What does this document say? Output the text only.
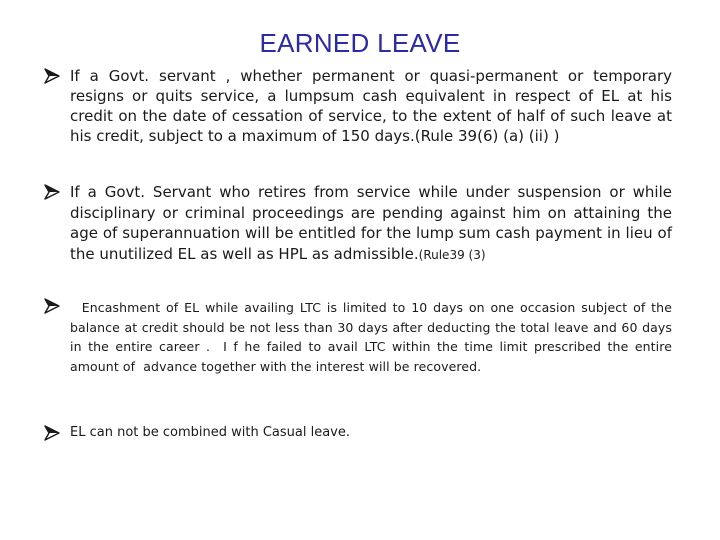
EARNED LEAVE
If a Govt. servant , whether permanent or quasi-permanent or temporary resigns or quits service, a lumpsum cash equivalent in respect of EL at his credit on the date of cessation of service, to the extent of half of such leave at his credit, subject to a maximum of 150 days.(Rule 39(6) (a) (ii) )
If a Govt. Servant who retires from service while under suspension or while disciplinary or criminal proceedings are pending against him on attaining the age of superannuation will be entitled for the lump sum cash payment in lieu of the unutilized EL as well as HPL as admissible.(Rule39 (3)
Encashment of EL while availing LTC is limited to 10 days on one occasion subject of the balance at credit should be not less than 30 days after deducting the total leave and 60 days in the entire career .  I f he failed to avail LTC within the time limit prescribed the entire amount of  advance together with the interest will be recovered.
EL can not be combined with Casual leave.
